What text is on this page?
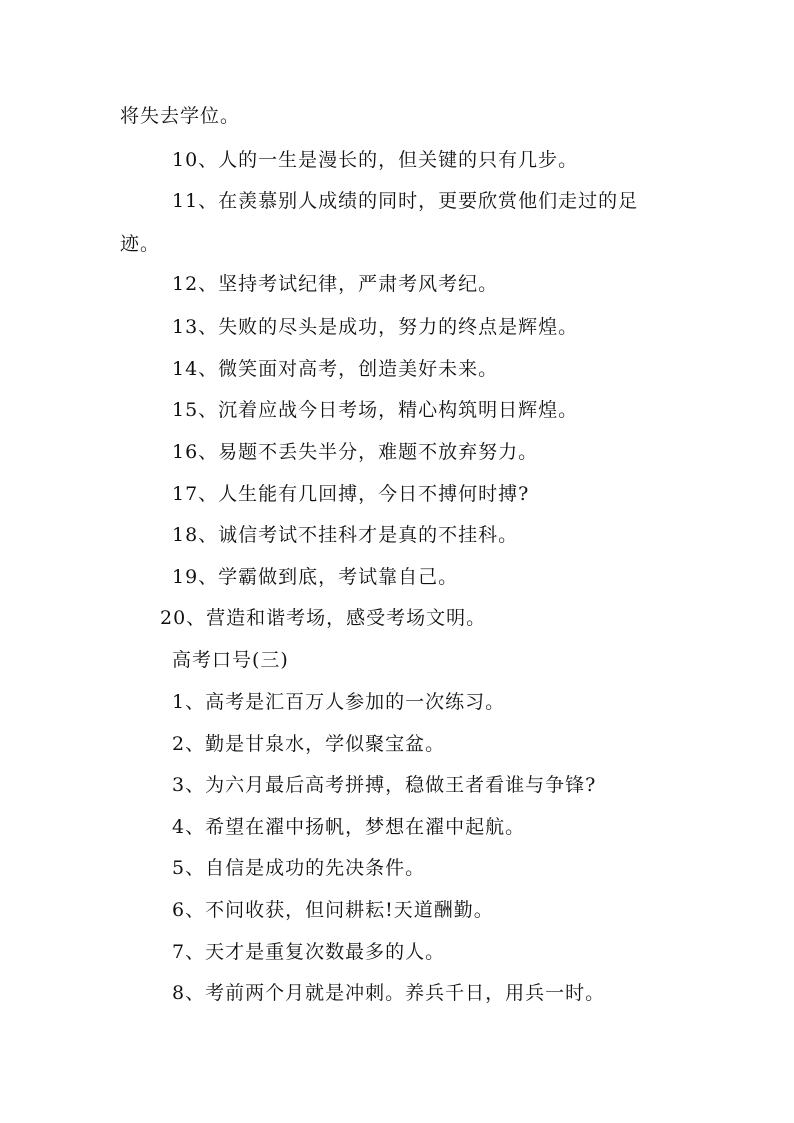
将失去学位。
10、人的一生是漫长的，但关键的只有几步。
11、在羡慕别人成绩的同时，更要欣赏他们走过的足
迹。
12、坚持考试纪律，严肃考风考纪。
13、失败的尽头是成功，努力的终点是辉煌。
14、微笑面对高考，创造美好未来。
15、沉着应战今日考场，精心构筑明日辉煌。
16、易题不丢失半分，难题不放弃努力。
17、人生能有几回搏，今日不搏何时搏?
18、诚信考试不挂科才是真的不挂科。
19、学霸做到底，考试靠自己。
20、营造和谐考场，感受考场文明。
高考口号(三)
1、高考是汇百万人参加的一次练习。
2、勤是甘泉水，学似聚宝盆。
3、为六月最后高考拼搏，稳做王者看谁与争锋?
4、希望在濯中扬帆，梦想在濯中起航。
5、自信是成功的先决条件。
6、不问收获，但问耕耘!天道酬勤。
7、天才是重复次数最多的人。
8、考前两个月就是冲刺。养兵千日，用兵一时。
